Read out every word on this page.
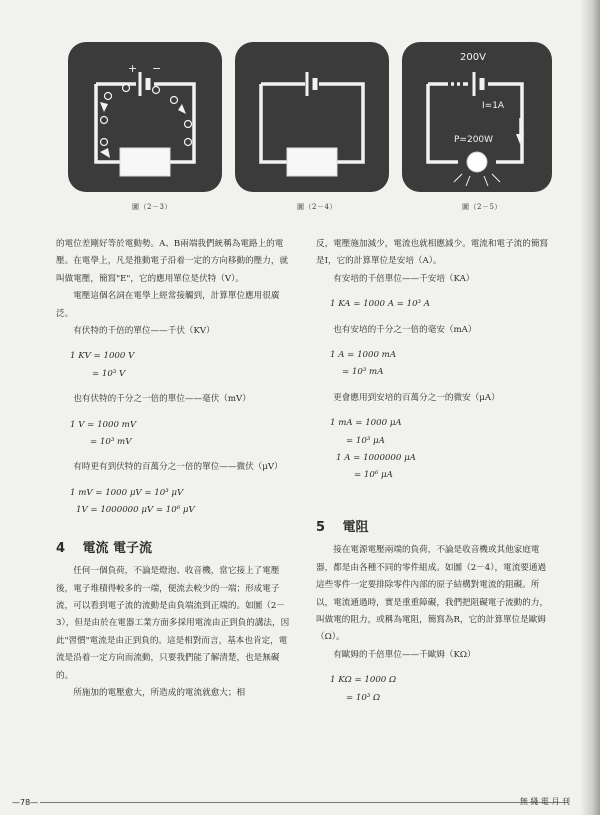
+ −
圖（2－3）	圖（2－4）
200V
I=1A
P=200W
圖（2－5）

的電位差剛好等於電動勢。A、B兩端我們統稱為電路上的電壓。在電學上，凡是推動電子沿着一定的方向移動的壓力，就叫做電壓，簡寫"E"，它的應用單位是伏特（V）。

電壓這個名詞在電學上經常接觸到，計算單位應用很廣泛。

有伏特的千倍的單位——千伏（KV）

1 KV = 1000 V
= 10³ V

也有伏特的千分之一倍的單位——毫伏（mV）

1 V = 1000 mV
= 10³ mV

有時更有到伏特的百萬分之一倍的單位——微伏（μV）

1 mV = 1000 μV = 10³ μV
1V = 1000000 μV = 10⁶ μV
4 電流 電子流

任何一個負荷，不論是燈泡、收音機，當它接上了電壓後，電子堆積得較多的一端，便流去較少的一端；形成電子流，可以看到電子流的流動是由負端流到正端的。如圖（2－3），但是由於在電器工業方面多採用電流由正到負的講法，因此"習慣"電流是由正到負的。這是相對而言，基本也肯定，電流是沿着一定方向而流動，只要我們能了解清楚，也是無礙的。

所施加的電壓愈大，所造成的電流就愈大；相

反，電壓施加減少，電流也就相應減少。電流和電子流的簡寫是I，它的計算單位是安培（A）。

有安培的千倍單位——千安培（KA）

1 KA = 1000 A = 10³ A

也有安培的千分之一倍的毫安（mA）

1 A = 1000 mA
= 10³ mA

更會應用到安培的百萬分之一的微安（μA）

1 mA = 1000 μA
= 10³ μA
1 A = 1000000 μA
= 10⁶ μA
5 電阻

接在電源電壓兩端的負荷，不論是收音機或其他家庭電器，都是由各種不同的零件組成。如圖（2－4），電流要通過這些零件一定要排除零件內部的原子結構對電流的阻礙。所以，電流通過時，實是重重障礙，我們把阻礙電子流動的力，叫做電的阻力，或稱為電阻，簡寫為R，它的計算單位是歐姆（Ω）。

有歐姆的千倍單位——千歐姆（KΩ）

1 KΩ = 1000 Ω
= 10³ Ω
—78—	無 綫 電 月 刊
